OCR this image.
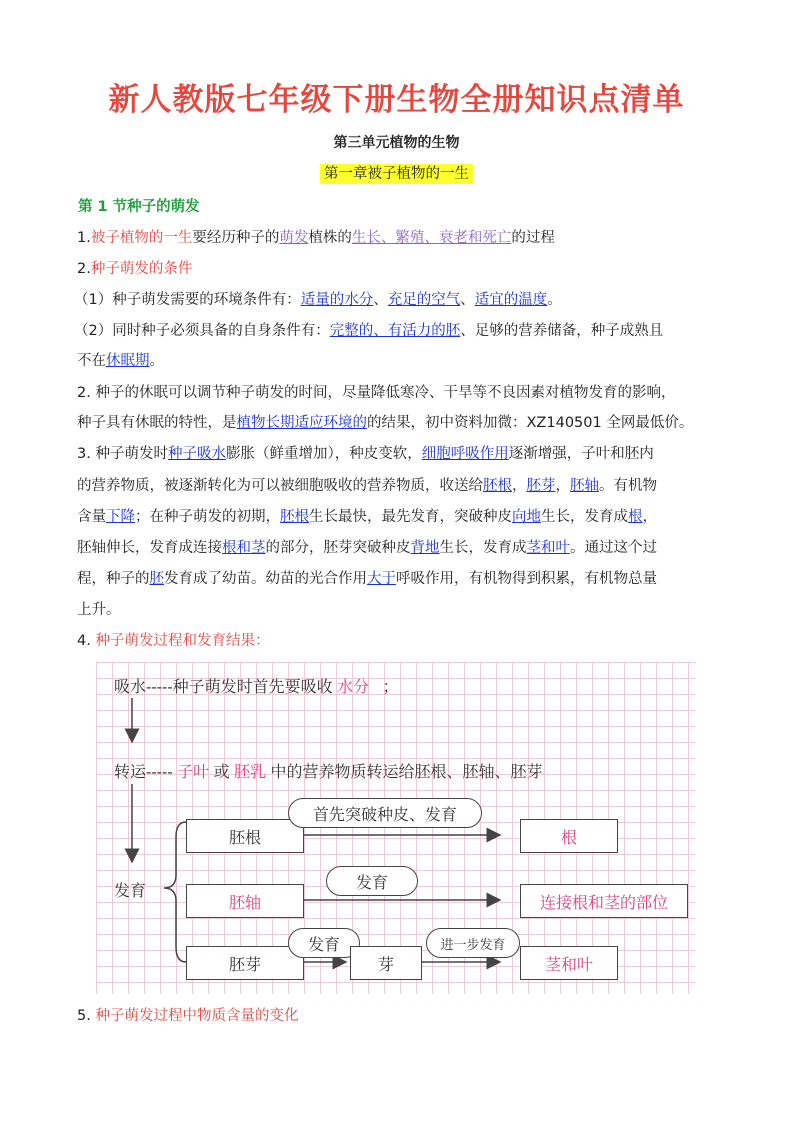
新人教版七年级下册生物全册知识点清单
第三单元植物的生物
第一章被子植物的一生
第 1 节种子的萌发
1.被子植物的一生要经历种子的萌发植株的生长、繁殖、衰老和死亡的过程
2.种子萌发的条件
（1）种子萌发需要的环境条件有：适量的水分、充足的空气、适宜的温度。
（2）同时种子必须具备的自身条件有：完整的、有活力的胚、足够的营养储备，种子成熟且
不在休眠期。
2. 种子的休眠可以调节种子萌发的时间，尽量降低寒冷、干旱等不良因素对植物发育的影响，
种子具有休眠的特性，是植物长期适应环境的的结果，初中资料加微：XZ140501 全网最低价。
3. 种子萌发时种子吸水膨胀（鲜重增加），种皮变软，细胞呼吸作用逐渐增强，子叶和胚内
的营养物质，被逐渐转化为可以被细胞吸收的营养物质，收送给胚根，胚芽，胚轴。有机物
含量下降；在种子萌发的初期，胚根生长最快，最先发育，突破种皮向地生长，发育成根，
胚轴伸长，发育成连接根和茎的部分，胚芽突破种皮背地生长，发育成茎和叶。通过这个过
程，种子的胚发育成了幼苗。幼苗的光合作用大于呼吸作用，有机物得到积累，有机物总量
上升。
4. 种子萌发过程和发育结果：
吸水-----种子萌发时首先要吸收 水分 ；
转运----- 子叶 或 胚乳 中的营养物质转运给胚根、胚轴、胚芽
发育
胚根
首先突破种皮、发育
根
胚轴
发育
连接根和茎的部位
胚芽
发育
芽
进一步发育
茎和叶
5. 种子萌发过程中物质含量的变化
